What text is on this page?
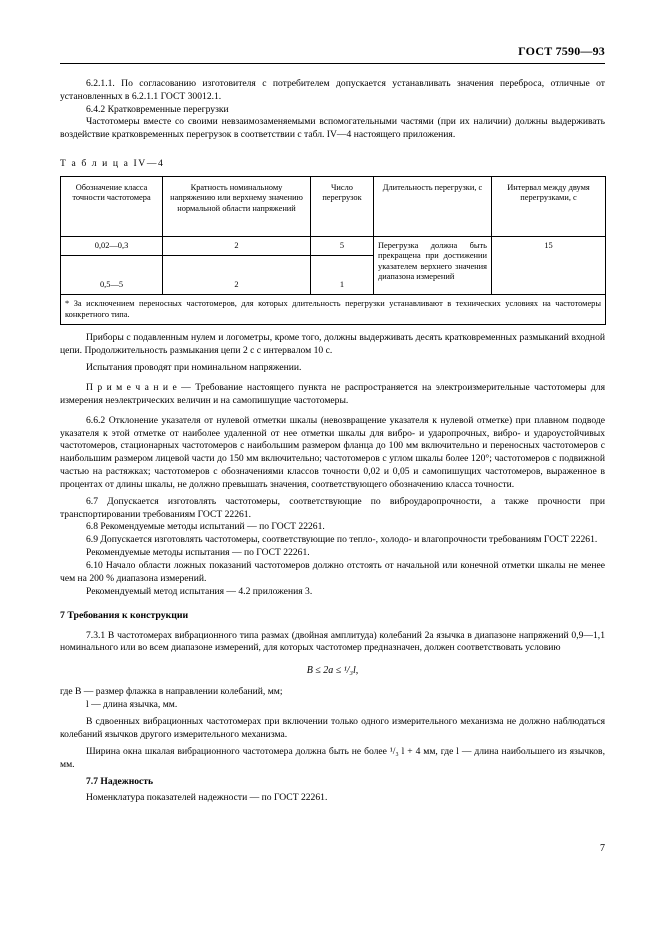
ГОСТ 7590—93

6.2.1.1. По согласованию изготовителя с потребителем допускается устанавливать значения переброса, отличные от установленных в 6.2.1.1 ГОСТ 30012.1.

6.4.2 Кратковременные перегрузки

Частотомеры вместе со своими невзаимозаменяемыми вспомогательными частями (при их наличии) должны выдерживать воздействие кратковременных перегрузок в соответствии с табл. IV—4 настоящего приложения.

Т а б л и ц а IV—4
Обозначение класса точности частотомера	Кратность номинальному напряжению или верхнему значению нормальной области напряжений	Число перегрузок	Длительность перегрузки, с	Интервал между двумя перегрузками, с
0,02—0,3	2	5	Перегрузка должна быть прекращена при достижении указателем верхнего значения диапазона измерений	15
0,5—5	2	1		
* За исключением переносных частотомеров, для которых длительность перегрузки устанавливают в технических условиях на частотомеры конкретного типа.				

Приборы с подавленным нулем и логометры, кроме того, должны выдерживать десять кратковременных размыканий входной цепи. Продолжительность размыкания цепи 2 с с интервалом 10 с.

Испытания проводят при номинальном напряжении.

П р и м е ч а н и е — Требование настоящего пункта не распространяется на электроизмерительные частотомеры для измерения неэлектрических величин и на самопишущие частотомеры.

6.6.2 Отклонение указателя от нулевой отметки шкалы (невозвращение указателя к нулевой отметке) при плавном подводе указателя к этой отметке от наиболее удаленной от нее отметки шкалы для вибро- и ударопрочных, вибро- и удароустойчивых частотомеров, стационарных частотомеров с наибольшим размером фланца до 100 мм включительно и переносных частотомеров с наибольшим размером лицевой части до 150 мм включительно; частотомеров с углом шкалы более 120°; частотомеров с подвижной частью на растяжках; частотомеров с обозначениями классов точности 0,02 и 0,05 и самопишущих частотомеров, выраженное в процентах от длины шкалы, не должно превышать значения, соответствующего обозначению класса точности.

6.7 Допускается изготовлять частотомеры, соответствующие по виброударопрочности, а также прочности при транспортировании требованиям ГОСТ 22261.

6.8 Рекомендуемые методы испытаний — по ГОСТ 22261.

6.9 Допускается изготовлять частотомеры, соответствующие по тепло-, холодо- и влагопрочности требованиям ГОСТ 22261.

Рекомендуемые методы испытания — по ГОСТ 22261.

6.10 Начало области ложных показаний частотомеров должно отстоять от начальной или конечной отметки шкалы не менее чем на 200 % диапазона измерений.

Рекомендуемый метод испытания — 4.2 приложения 3.

7 Требования к конструкции

7.3.1 В частотомерах вибрационного типа размах (двойная амплитуда) колебаний 2а язычка в диапазоне напряжений 0,9—1,1 номинального или во всем диапазоне измерений, для которых частотомер предназначен, должен соответствовать условию

B ≤ 2a ≤ ¹/₃l,

где B — размер флажка в направлении колебаний, мм;

l — длина язычка, мм.

В сдвоенных вибрационных частотомерах при включении только одного измерительного механизма не должно наблюдаться колебаний язычков другого измерительного механизма.

Ширина окна шкалая вибрационного частотомера должна быть не более ¹/₃ l + 4 мм, где l — длина наибольшего из язычков, мм.

7.7 Надежность

Номенклатура показателей надежности — по ГОСТ 22261.

7
